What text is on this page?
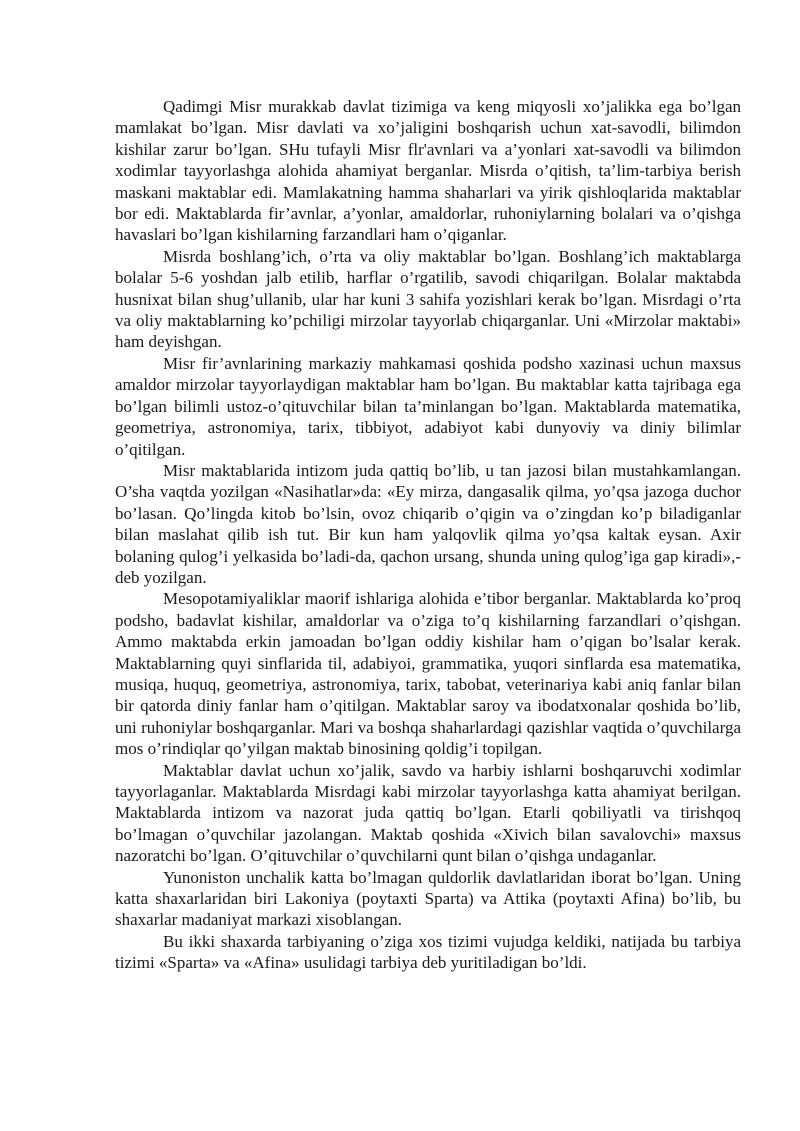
Qadimgi Misr murakkab davlat tizimiga va keng miqyosli xo’jalikka ega bo’lgan mamlakat bo’lgan. Misr davlati va xo’jaligini boshqarish uchun xat-savodli, bilimdon kishilar zarur bo’lgan. SHu tufayli Misr flr'avnlari va a’yonlari xat-savodli va bilimdon xodimlar tayyorlashga alohida ahamiyat berganlar. Misrda o’qitish, ta’lim-tarbiya berish maskani maktablar edi. Mamlakatning hamma shaharlari va yirik qishloqlarida maktablar bor edi. Maktablarda fir’avnlar, a’yonlar, amaldorlar, ruhoniylarning bolalari va o’qishga havaslari bo’lgan kishilarning farzandlari ham o’qiganlar.

Misrda boshlang’ich, o’rta va oliy maktablar bo’lgan. Boshlang’ich maktablarga bolalar 5-6 yoshdan jalb etilib, harflar o’rgatilib, savodi chiqarilgan. Bolalar maktabda husnixat bilan shug’ullanib, ular har kuni 3 sahifa yozishlari kerak bo’lgan. Misrdagi o’rta va oliy maktablarning ko’pchiligi mirzolar tayyorlab chiqarganlar. Uni «Mirzolar maktabi» ham deyishgan.

Misr fir’avnlarining markaziy mahkamasi qoshida podsho xazinasi uchun maxsus amaldor mirzolar tayyorlaydigan maktablar ham bo’lgan. Bu maktablar katta tajribaga ega bo’lgan bilimli ustoz-o’qituvchilar bilan ta’minlangan bo’lgan. Maktablarda matematika, geometriya, astronomiya, tarix, tibbiyot, adabiyot kabi dunyoviy va diniy bilimlar o’qitilgan.

Misr maktablarida intizom juda qattiq bo’lib, u tan jazosi bilan mustahkamlangan. O’sha vaqtda yozilgan «Nasihatlar»da: «Ey mirza, dangasalik qilma, yo’qsa jazoga duchor bo’lasan. Qo’lingda kitob bo’lsin, ovoz chiqarib o’qigin va o’zingdan ko’p biladiganlar bilan maslahat qilib ish tut. Bir kun ham yalqovlik qilma yo’qsa kaltak eysan. Axir bolaning qulog’i yelkasida bo’ladi-da, qachon ursang, shunda uning qulog’iga gap kiradi»,-deb yozilgan.

Mesopotamiyaliklar maorif ishlariga alohida e’tibor berganlar. Maktablarda ko’proq podsho, badavlat kishilar, amaldorlar va o’ziga to’q kishilarning farzandlari o’qishgan. Ammo maktabda erkin jamoadan bo’lgan oddiy kishilar ham o’qigan bo’lsalar kerak. Maktablarning quyi sinflarida til, adabiyoi, grammatika, yuqori sinflarda esa matematika, musiqa, huquq, geometriya, astronomiya, tarix, tabobat, veterinariya kabi aniq fanlar bilan bir qatorda diniy fanlar ham o’qitilgan. Maktablar saroy va ibodatxonalar qoshida bo’lib, uni ruhoniylar boshqarganlar. Mari va boshqa shaharlardagi qazishlar vaqtida o’quvchilarga mos o’rindiqlar qo’yilgan maktab binosining qoldig’i topilgan.

Maktablar davlat uchun xo’jalik, savdo va harbiy ishlarni boshqaruvchi xodimlar tayyorlaganlar. Maktablarda Misrdagi kabi mirzolar tayyorlashga katta ahamiyat berilgan. Maktablarda intizom va nazorat juda qattiq bo’lgan. Etarli qobiliyatli va tirishqoq bo’lmagan o’quvchilar jazolangan. Maktab qoshida «Xivich bilan savalovchi» maxsus nazoratchi bo’lgan. O’qituvchilar o’quvchilarni qunt bilan o’qishga undaganlar.

Yunoniston unchalik katta bo’lmagan quldorlik davlatlaridan iborat bo’lgan. Uning katta shaxarlaridan biri Lakoniya (poytaxti Sparta) va Attika (poytaxti Afina) bo’lib, bu shaxarlar madaniyat markazi xisoblangan.

Bu ikki shaxarda tarbiyaning o’ziga xos tizimi vujudga keldiki, natijada bu tarbiya tizimi «Sparta» va «Afina» usulidagi tarbiya deb yuritiladigan bo’ldi.
